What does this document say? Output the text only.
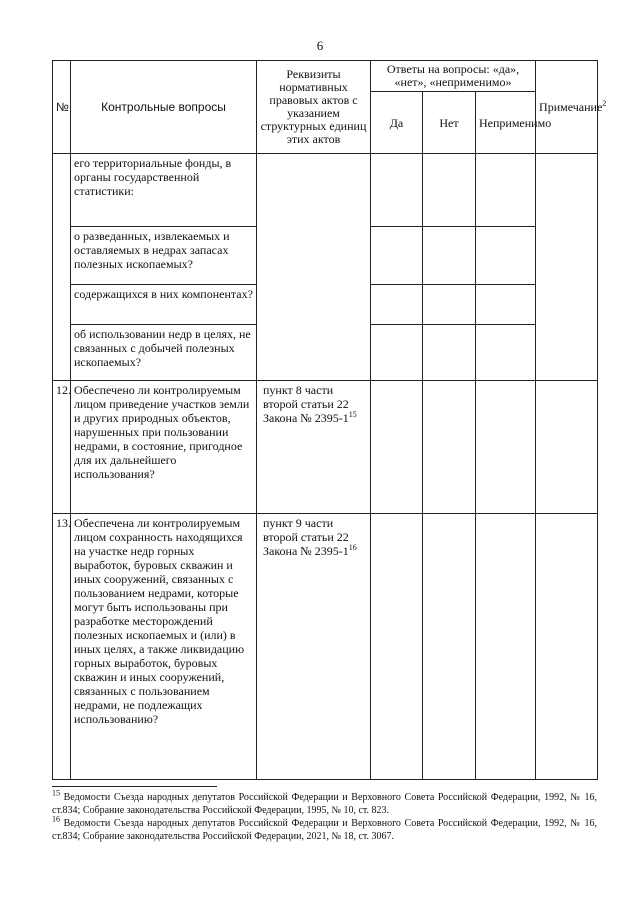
6
№	Контрольные вопросы	Реквизиты нормативных правовых актов с указанием структурных единиц этих актов	Ответы на вопросы: «да», «нет», «неприменимо»			Примечание$^2$
			Да	Нет	Неприменимо	
	его территориальные фонды, в органы государственной статистики:					
	о разведанных, извлекаемых и оставляемых в недрах запасах полезных ископаемых?					
	содержащихся в них компонентах?					
	об использовании недр в целях, не связанных с добычей полезных ископаемых?					
12.	Обеспечено ли контролируемым лицом приведение участков земли и других природных объектов, нарушенных при пользовании недрами, в состояние, пригодное для их дальнейшего использования?	пункт 8 части второй статьи 22 Закона № $2395-1^{15}$				
13.	Обеспечена ли контролируемым лицом сохранность находящихся на участке недр горных выработок, буровых скважин и иных сооружений, связанных с пользованием недрами, которые могут быть использованы при разработке месторождений полезных ископаемых и (или) в иных целях, а также ликвидацию горных выработок, буровых скважин и иных сооружений, связанных с пользованием недрами, не подлежащих использованию?	пункт 9 части второй статьи 22 Закона № $2395-1^{16}$				

$^{15}$ Ведомости Съезда народных депутатов Российской Федерации и Верховного Совета Российской Федерации, 1992, № 16, ст.834; Собрание законодательства Российской Федерации, 1995, № 10, ст. 823.

$^{16}$ Ведомости Съезда народных депутатов Российской Федерации и Верховного Совета Российской Федерации, 1992, № 16, ст.834; Собрание законодательства Российской Федерации, 2021, № 18, ст. 3067.
